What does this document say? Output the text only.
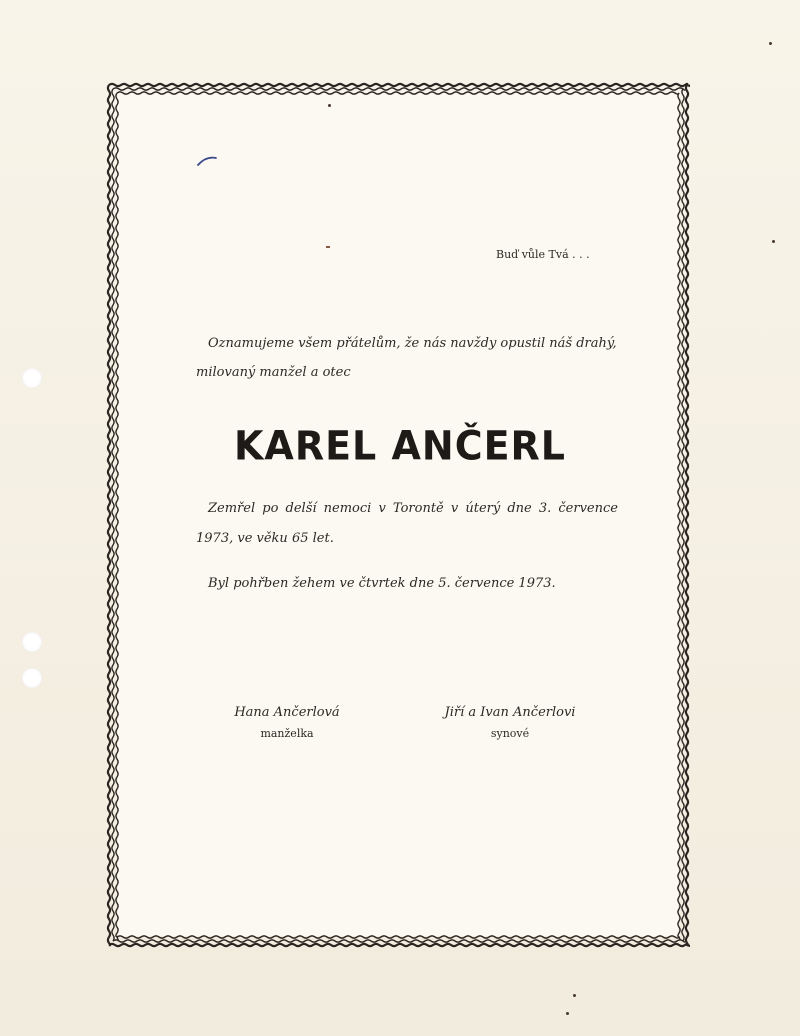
Buď vůle Tvá . . .
Oznamujeme všem přátelům, že nás navždy opustil náš drahý,
milovaný manžel a otec
KAREL ANČERL
Zemřel po delší nemoci v Torontě v úterý dne 3. července
1973, ve věku 65 let.
Byl pohřben žehem ve čtvrtek dne 5. července 1973.
Hana Ančerlová
manželka
Jiří a Ivan Ančerlovi
synové
